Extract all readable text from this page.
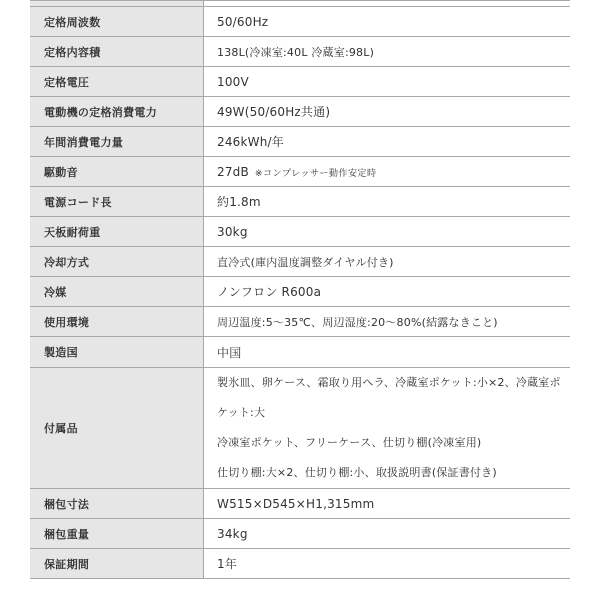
定格周波数	50/60Hz
定格内容積	138L(冷凍室:40L 冷蔵室:98L)
定格電圧	100V
電動機の定格消費電力	49W(50/60Hz共通)
年間消費電力量	246kWh/年
駆動音	27dB ※コンプレッサー動作安定時
電源コード長	約1.8m
天板耐荷重	30kg
冷却方式	直冷式(庫内温度調整ダイヤル付き)
冷媒	ノンフロン R600a
使用環境	周辺温度:5〜35℃、周辺湿度:20〜80%(結露なきこと)
製造国	中国
付属品	製氷皿、卵ケース、霜取り用ヘラ、冷蔵室ポケット:小×2、冷蔵室ポケット:大
冷凍室ポケット、フリーケース、仕切り棚(冷凍室用)
仕切り棚:大×2、仕切り棚:小、取扱説明書(保証書付き)

梱包寸法	W515×D545×H1,315mm
梱包重量	34kg
保証期間	1年
